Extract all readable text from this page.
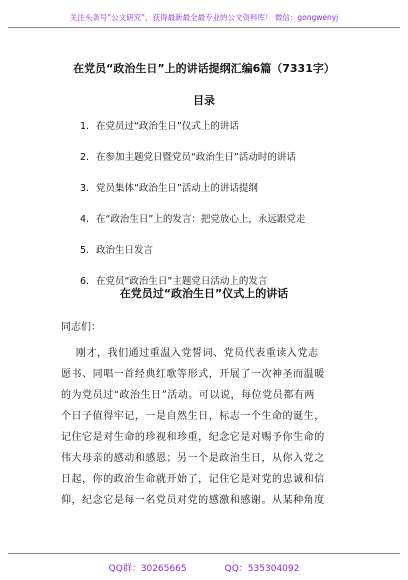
关注头条号“公文研究”，获得最新最全最专业的公文资料库！ 微信：gongwenyj
在党员“政治生日”上的讲话提纲汇编6篇（7331字）
目录
1. 在党员过“政治生日”仪式上的讲话
2. 在参加主题党日暨党员“政治生日”活动时的讲话
3. 党员集体“政治生日”活动上的讲话提纲
4. 在“政治生日”上的发言：把党放心上，永远跟党走
5. 政治生日发言
6. 在党员“政治生日”主题党日活动上的发言
在党员过“政治生日”仪式上的讲话
同志们：
刚才，我们通过重温入党誓词、党员代表重读入党志
愿书、同唱一首经典红歌等形式，开展了一次神圣而温暖
的为党员过“政治生日”活动。可以说，每位党员都有两
个日子值得牢记，一是自然生日，标志一个生命的诞生，
记住它是对生命的珍视和珍重，纪念它是对赐予你生命的
伟大母亲的感动和感恩；另一个是政治生日，从你入党之
日起，你的政治生命就开始了，记住它是对党的忠诚和信
仰，纪念它是每一名党员对党的感激和感谢。从某种角度
QQ群：30265665	QQ：535304092
